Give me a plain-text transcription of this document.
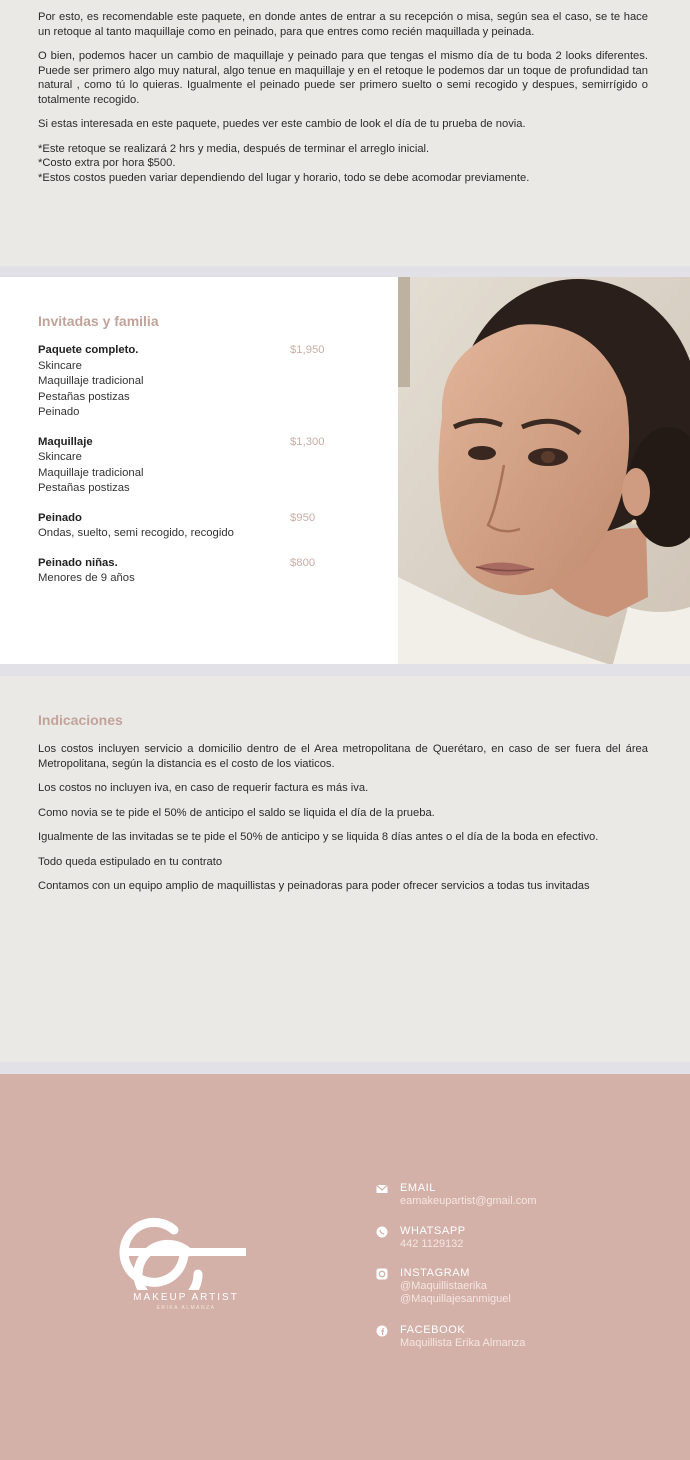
Por esto, es recomendable este paquete, en donde antes de entrar a su recepción o misa, según sea el caso, se te hace un retoque al tanto maquillaje como en peinado, para que entres como recién maquillada y peinada.

O bien, podemos hacer un cambio de maquillaje y peinado para que tengas el mismo día de tu boda 2 looks diferentes. Puede ser primero algo muy natural, algo tenue en maquillaje y en el retoque le podemos dar un toque de profundidad tan natural , como tú lo quieras. Igualmente el peinado puede ser primero suelto o semi recogido y despues, semirrígido o totalmente recogido.

Si estas interesada en este paquete, puedes ver este cambio de look el día de tu prueba de novia.

*Este retoque se realizará 2 hrs y media, después de terminar el arreglo inicial.

*Costo extra por hora $500.

*Estos costos pueden variar dependiendo del lugar y horario, todo se debe acomodar previamente.

Invitadas y familia
Paquete completo.	$1,950
Skincare
Maquillaje tradicional
Pestañas postizas
Peinado
Maquillaje	$1,300
Skincare
Maquillaje tradicional
Pestañas postizas
Peinado	$950
Ondas, suelto, semi recogido, recogido
Peinado niñas.	$800
Menores de 9 años
Indicaciones

Los costos incluyen servicio a domicilio dentro de el Area metropolitana de Querétaro, en caso de ser fuera del área Metropolitana, según la distancia es el costo de los viaticos.

Los costos no incluyen iva, en caso de requerir factura es más iva.

Como novia se te pide el 50% de anticipo el saldo se liquida el día de la prueba.

Igualmente de las invitadas se te pide el 50% de anticipo y se liquida 8 días antes o el día de la boda en efectivo.

Todo queda estipulado en tu contrato

Contamos con un equipo amplio de maquillistas y peinadoras para poder ofrecer servicios a todas tus invitadas

MAKEUP ARTIST
ERIKA ALMANZA
EMAIL
eamakeupartist@gmail.com
WHATSAPP
442 1129132
INSTAGRAM
@Maquillistaerika
@Maquillajesanmiguel
FACEBOOK
Maquillista Erika Almanza
